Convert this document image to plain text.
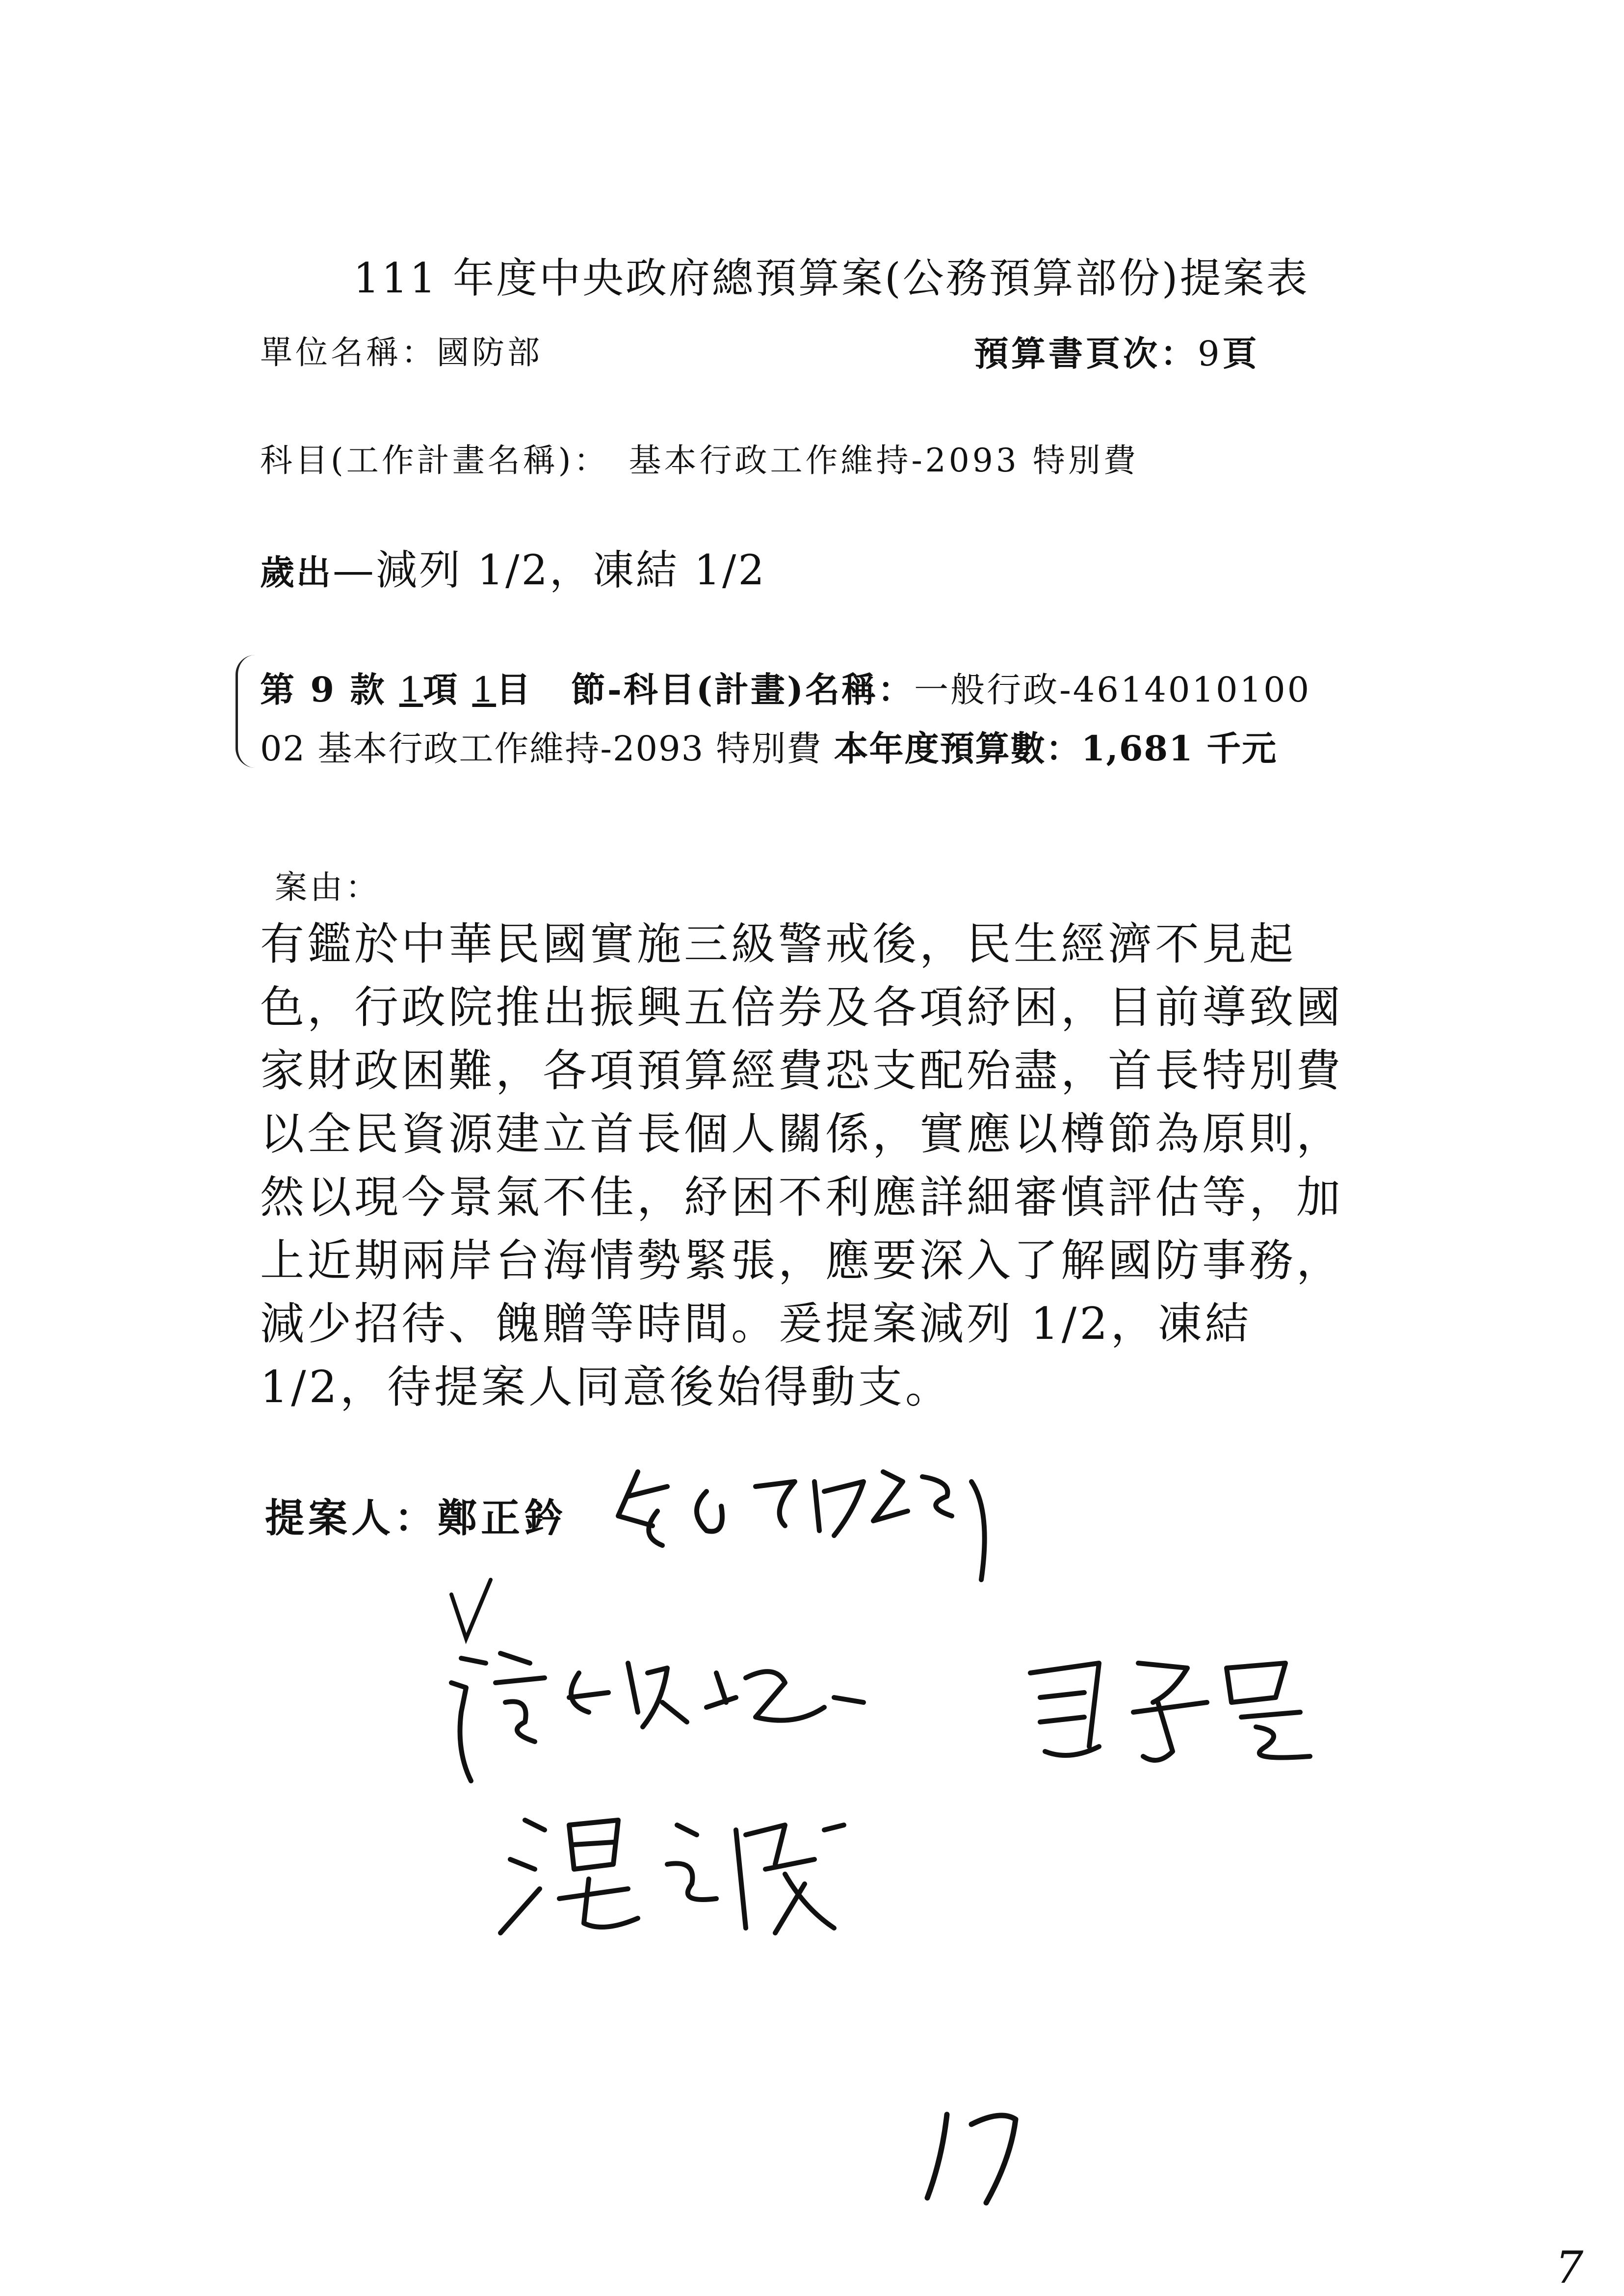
111 年度中央政府總預算案(公務預算部份)提案表
單位名稱：國防部	預算書頁次：9頁
科目(工作計畫名稱)： 基本行政工作維持-2093 特別費
歲出—減列 1/2，凍結 1/2
第 9 款 1項 1目 節-科目(計畫)名稱：一般行政-4614010100
02 基本行政工作維持-2093 特別費 本年度預算數：1,681 千元
案由：
有鑑於中華民國實施三級警戒後，民生經濟不見起
色，行政院推出振興五倍券及各項紓困，目前導致國
家財政困難，各項預算經費恐支配殆盡，首長特別費
以全民資源建立首長個人關係，實應以樽節為原則，
然以現今景氣不佳，紓困不利應詳細審慎評估等，加
上近期兩岸台海情勢緊張，應要深入了解國防事務，
減少招待、餽贈等時間。爰提案減列 1/2，凍結
1/2，待提案人同意後始得動支。
提案人：鄭正鈐
7
